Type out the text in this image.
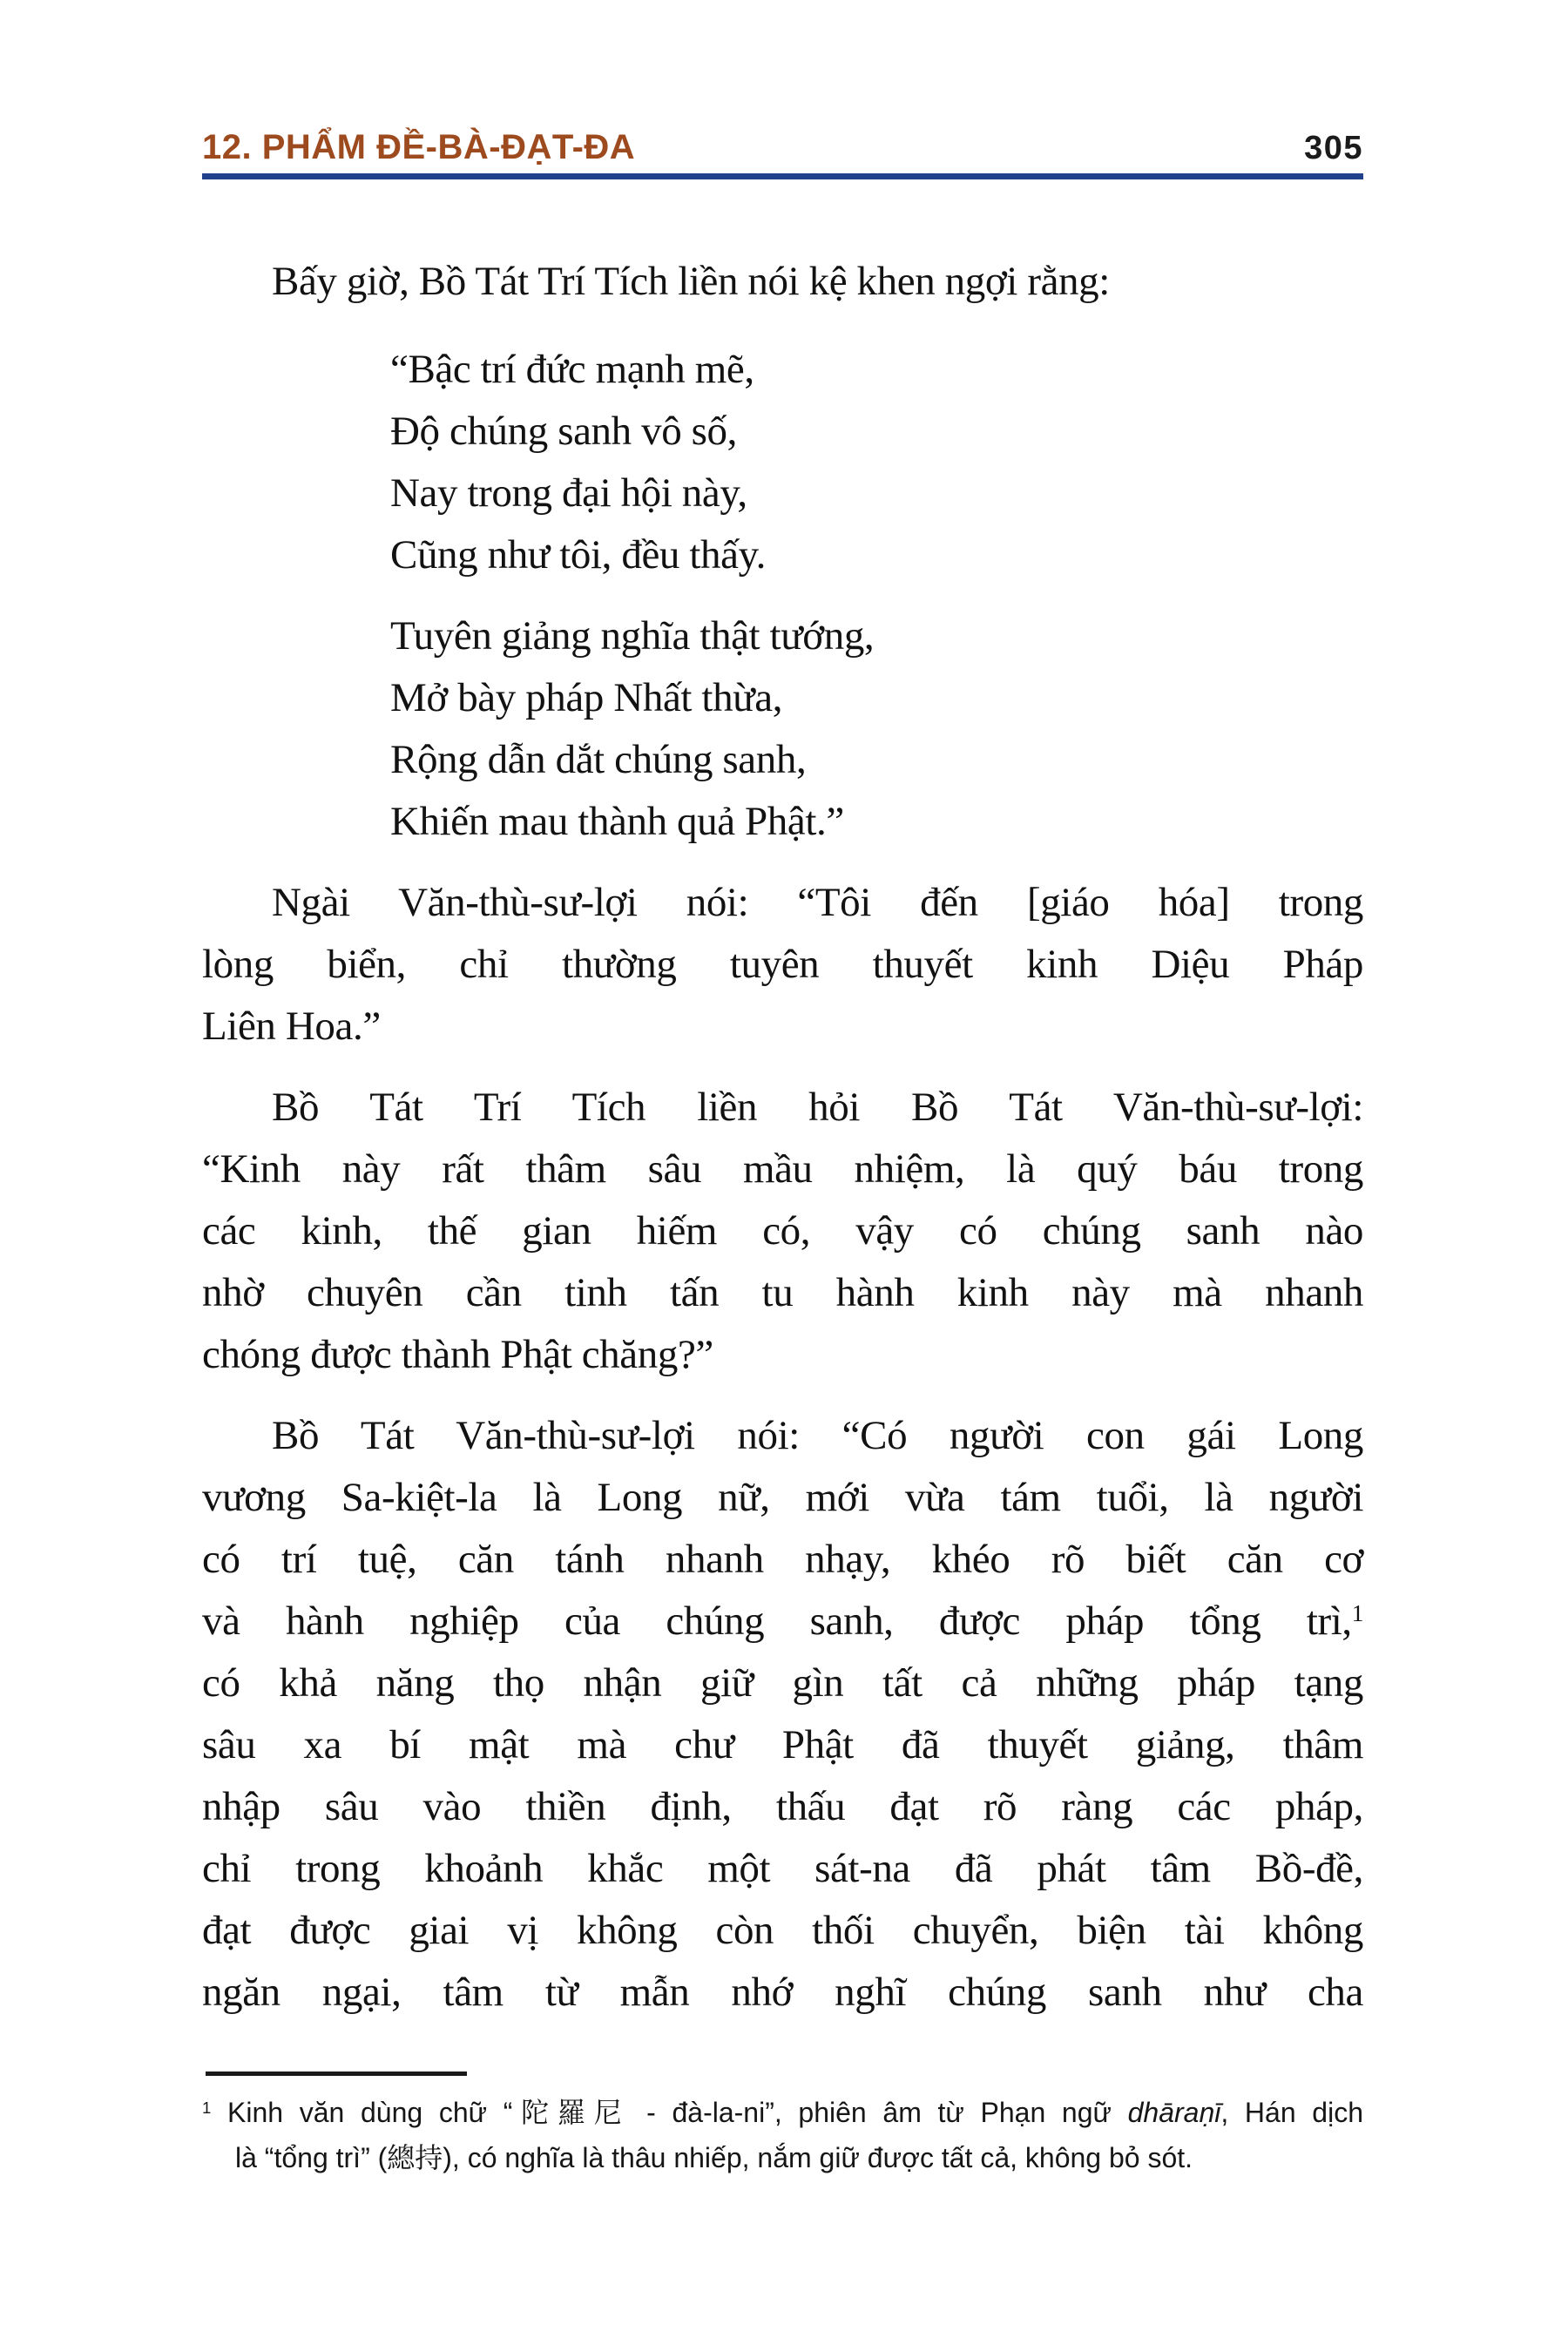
12. PHẨM ĐỀ-BÀ-ĐẠT-ĐA	305
Bấy giờ, Bồ Tát Trí Tích liền nói kệ khen ngợi rằng:
“Bậc trí đức mạnh mẽ,
Độ chúng sanh vô số,
Nay trong đại hội này,
Cũng như tôi, đều thấy.
Tuyên giảng nghĩa thật tướng,
Mở bày pháp Nhất thừa,
Rộng dẫn dắt chúng sanh,
Khiến mau thành quả Phật.”
Ngài Văn-thù-sư-lợi nói: “Tôi đến [giáo hóa] trong
lòng biển, chỉ thường tuyên thuyết kinh Diệu Pháp
Liên Hoa.”
Bồ Tát Trí Tích liền hỏi Bồ Tát Văn-thù-sư-lợi:
“Kinh này rất thâm sâu mầu nhiệm, là quý báu trong
các kinh, thế gian hiếm có, vậy có chúng sanh nào
nhờ chuyên cần tinh tấn tu hành kinh này mà nhanh
chóng được thành Phật chăng?”
Bồ Tát Văn-thù-sư-lợi nói: “Có người con gái Long
vương Sa-kiệt-la là Long nữ, mới vừa tám tuổi, là người
có trí tuệ, căn tánh nhanh nhạy, khéo rõ biết căn cơ
và hành nghiệp của chúng sanh, được pháp tổng trì,$^1$
có khả năng thọ nhận giữ gìn tất cả những pháp tạng
sâu xa bí mật mà chư Phật đã thuyết giảng, thâm
nhập sâu vào thiền định, thấu đạt rõ ràng các pháp,
chỉ trong khoảnh khắc một sát-na đã phát tâm Bồ-đề,
đạt được giai vị không còn thối chuyển, biện tài không
ngăn ngại, tâm từ mẫn nhớ nghĩ chúng sanh như cha
$^1$ Kinh văn dùng chữ “陀羅尼 - đà-la-ni”, phiên âm từ Phạn ngữ dhāraṇī, Hán dịch
là “tổng trì” (總持), có nghĩa là thâu nhiếp, nắm giữ được tất cả, không bỏ sót.
